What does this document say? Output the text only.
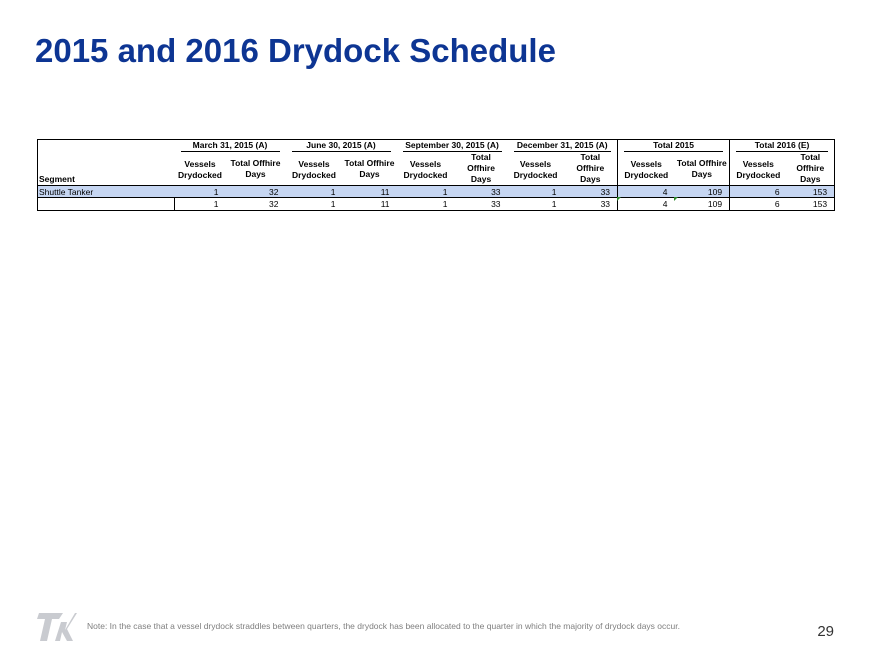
2015 and 2016 Drydock Schedule

	March 31, 2015 (A)		June 30, 2015 (A)		September 30, 2015 (A)		December 31, 2015 (A)		Total 2015		Total 2016 (E)	

Segment	Vessels Drydocked	Total Offhire Days	Vessels Drydocked	Total Offhire Days	Vessels Drydocked	Total Offhire Days	Vessels Drydocked	Total Offhire Days	Vessels Drydocked	Total Offhire Days	Vessels Drydocked	Total Offhire Days
Shuttle Tanker	1	32	1	11	1	33	1	33	4	109	6	153
	1	32	1	11	1	33	1	33	4	109	6	153
Note: In the case that a vessel drydock straddles between quarters, the drydock has been allocated to the quarter in which the majority of drydock days occur.	29
